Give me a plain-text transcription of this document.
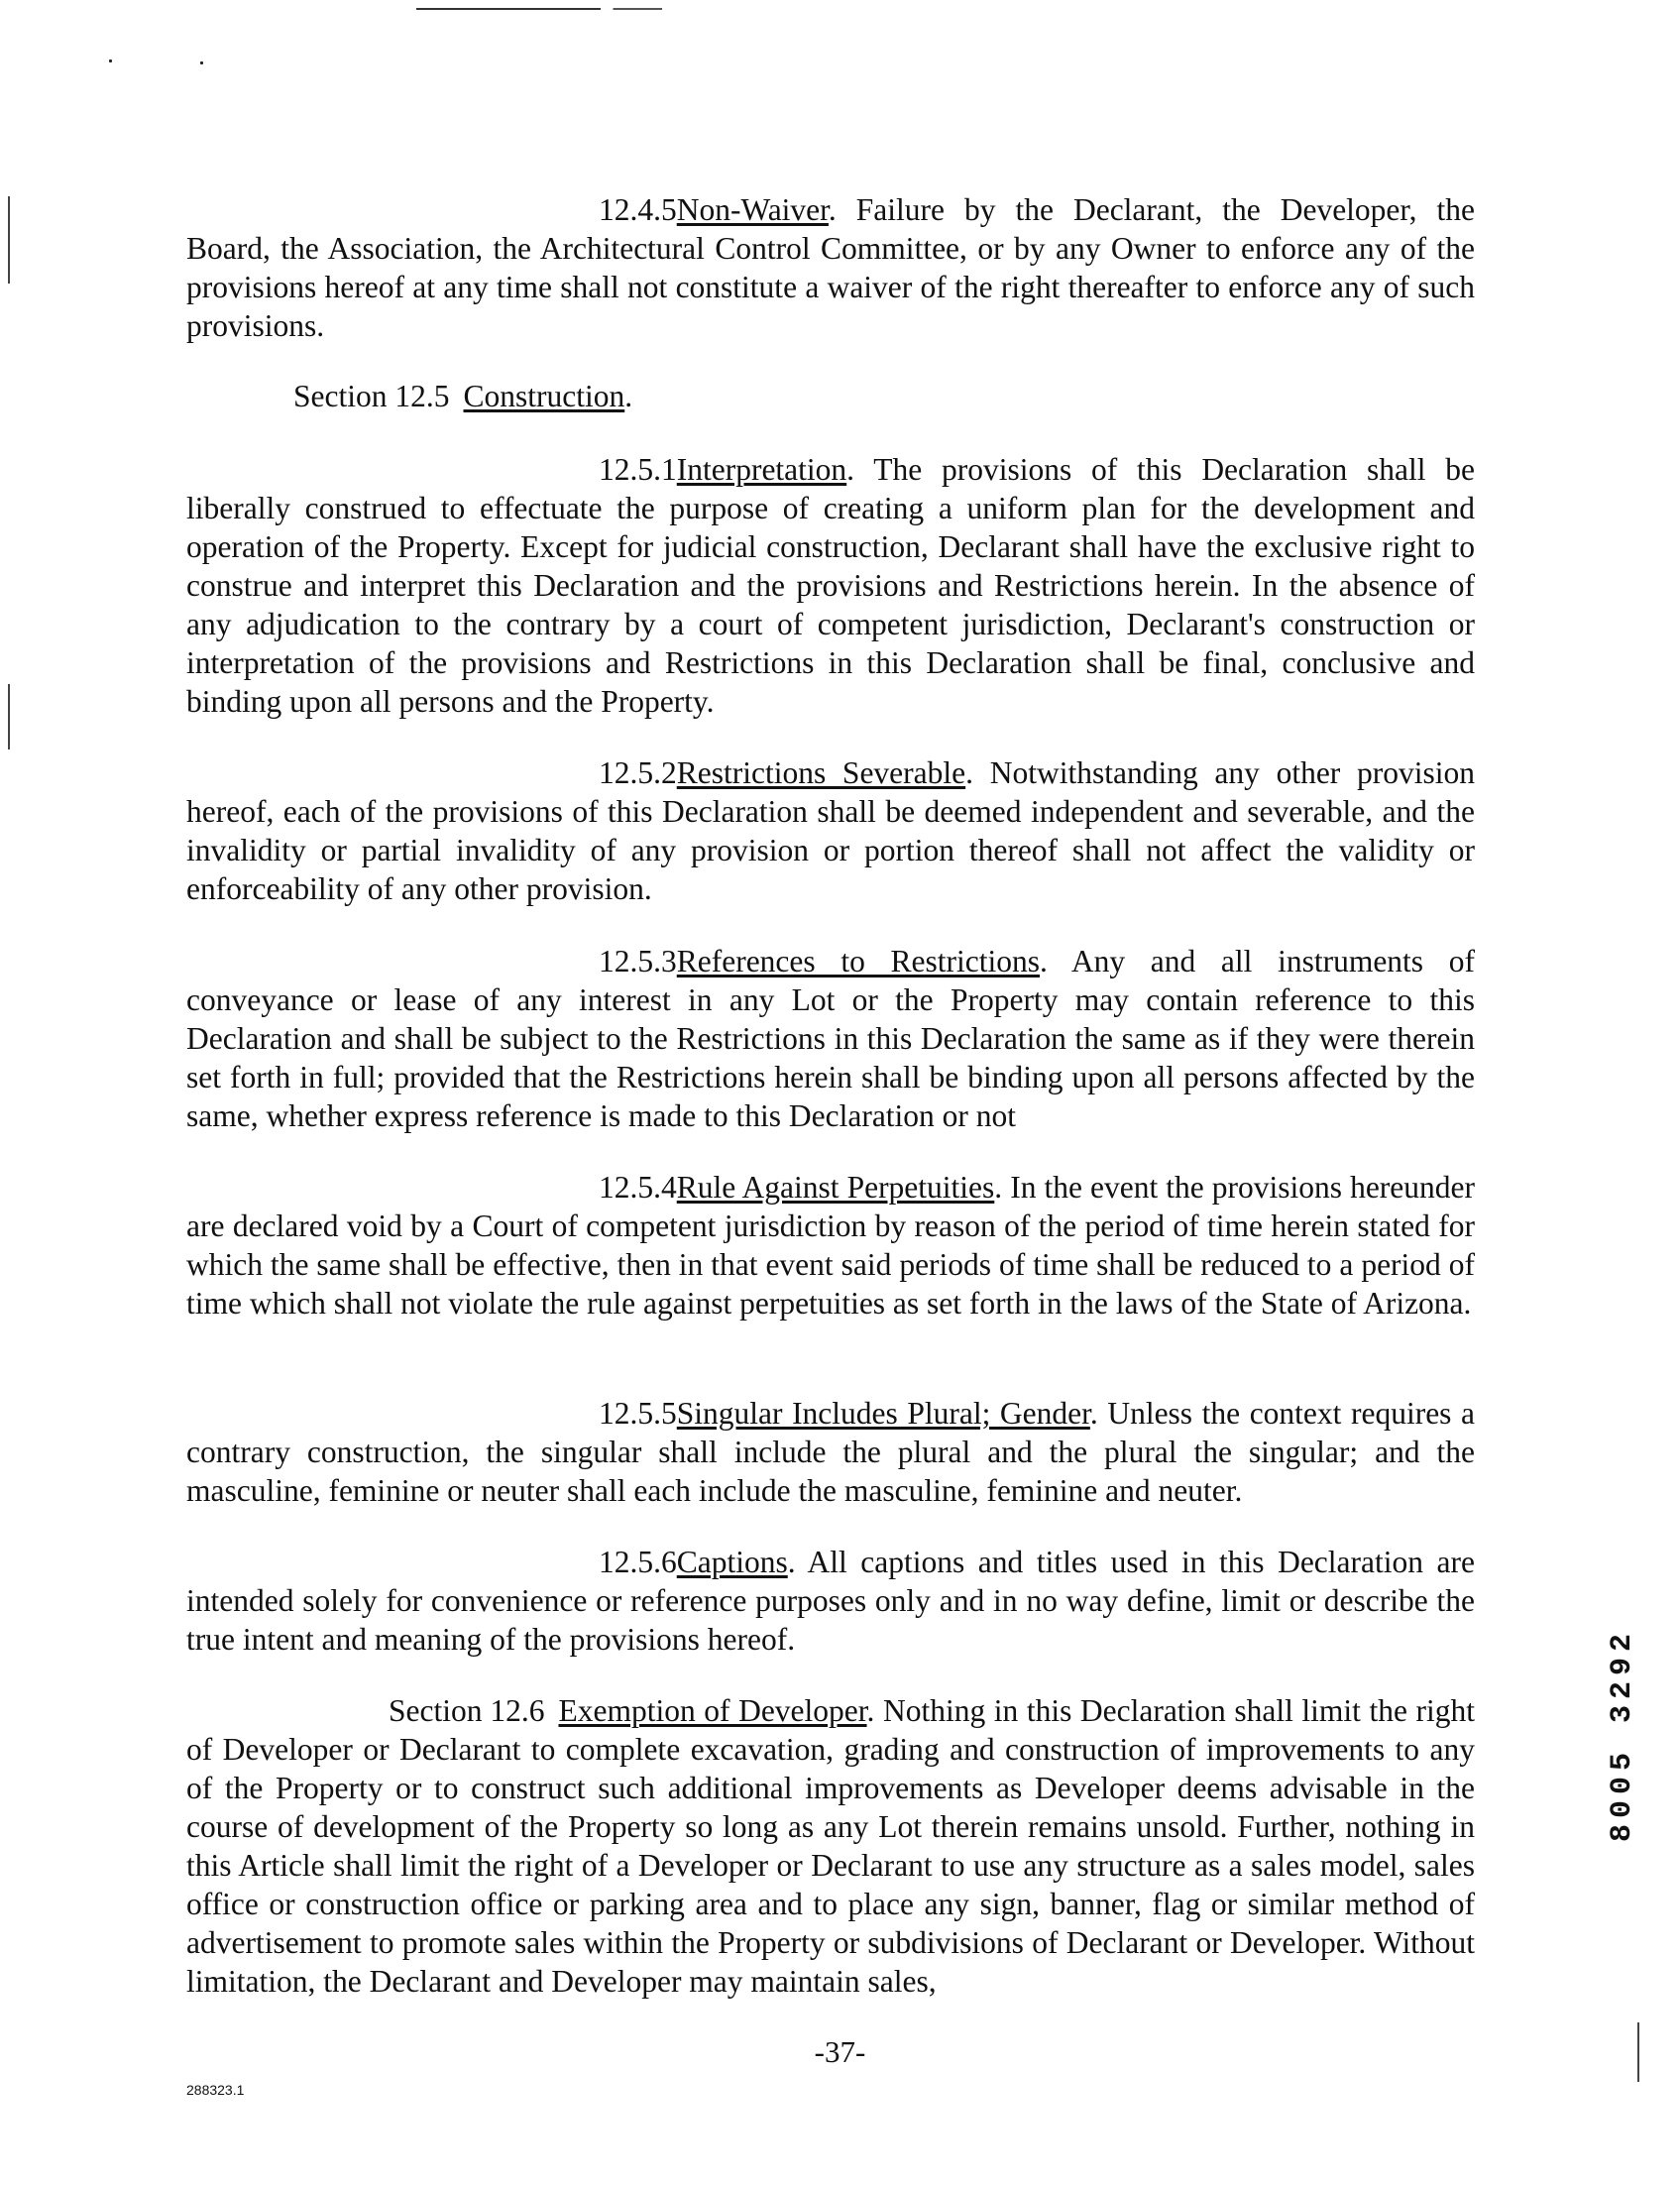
12.4.5Non-Waiver. Failure by the Declarant, the Developer, the Board, the Association, the Architectural Control Committee, or by any Owner to enforce any of the provisions hereof at any time shall not constitute a waiver of the right thereafter to enforce any of such provisions.

Section 12.5 Construction.

12.5.1Interpretation. The provisions of this Declaration shall be liberally construed to effectuate the purpose of creating a uniform plan for the development and operation of the Property. Except for judicial construction, Declarant shall have the exclusive right to construe and interpret this Declaration and the provisions and Restrictions herein. In the absence of any adjudication to the contrary by a court of competent jurisdiction, Declarant's construction or interpretation of the provisions and Restrictions in this Declaration shall be final, conclusive and binding upon all persons and the Property.

12.5.2Restrictions Severable. Notwithstanding any other provision hereof, each of the provisions of this Declaration shall be deemed independent and severable, and the invalidity or partial invalidity of any provision or portion thereof shall not affect the validity or enforceability of any other provision.

12.5.3References to Restrictions. Any and all instruments of conveyance or lease of any interest in any Lot or the Property may contain reference to this Declaration and shall be subject to the Restrictions in this Declaration the same as if they were therein set forth in full; provided that the Restrictions herein shall be binding upon all persons affected by the same, whether express reference is made to this Declaration or not

12.5.4Rule Against Perpetuities. In the event the provisions hereunder are declared void by a Court of competent jurisdiction by reason of the period of time herein stated for which the same shall be effective, then in that event said periods of time shall be reduced to a period of time which shall not violate the rule against perpetuities as set forth in the laws of the State of Arizona.

12.5.5Singular Includes Plural; Gender. Unless the context requires a contrary construction, the singular shall include the plural and the plural the singular; and the masculine, feminine or neuter shall each include the masculine, feminine and neuter.

12.5.6Captions. All captions and titles used in this Declaration are intended solely for convenience or reference purposes only and in no way define, limit or describe the true intent and meaning of the provisions hereof.

Section 12.6 Exemption of Developer. Nothing in this Declaration shall limit the right of Developer or Declarant to complete excavation, grading and construction of improvements to any of the Property or to construct such additional improvements as Developer deems advisable in the course of development of the Property so long as any Lot therein remains unsold. Further, nothing in this Article shall limit the right of a Developer or Declarant to use any structure as a sales model, sales office or construction office or parking area and to place any sign, banner, flag or similar method of advertisement to promote sales within the Property or subdivisions of Declarant or Developer. Without limitation, the Declarant and Developer may maintain sales,

-37-
288323.1
8005 3292
